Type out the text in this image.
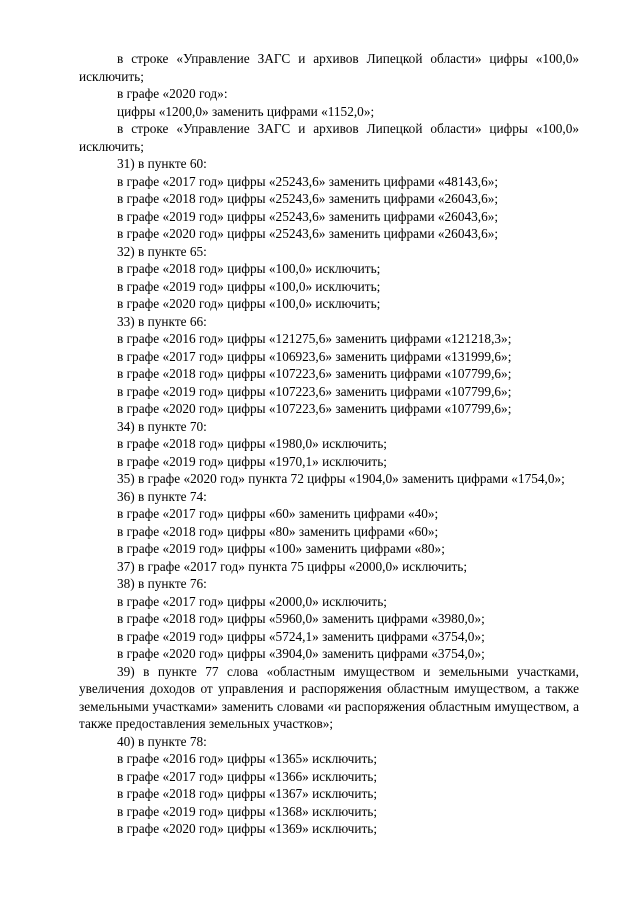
в строке «Управление ЗАГС и архивов Липецкой области» цифры «100,0» исключить;

в графе «2020 год»:

цифры «1200,0» заменить цифрами «1152,0»;

в строке «Управление ЗАГС и архивов Липецкой области» цифры «100,0» исключить;

31) в пункте 60:

в графе «2017 год» цифры «25243,6» заменить цифрами «48143,6»;

в графе «2018 год» цифры «25243,6» заменить цифрами «26043,6»;

в графе «2019 год» цифры «25243,6» заменить цифрами «26043,6»;

в графе «2020 год» цифры «25243,6» заменить цифрами «26043,6»;

32) в пункте 65:

в графе «2018 год» цифры «100,0» исключить;

в графе «2019 год» цифры «100,0» исключить;

в графе «2020 год» цифры «100,0» исключить;

33) в пункте 66:

в графе «2016 год» цифры «121275,6» заменить цифрами «121218,3»;

в графе «2017 год» цифры «106923,6» заменить цифрами «131999,6»;

в графе «2018 год» цифры «107223,6» заменить цифрами «107799,6»;

в графе «2019 год» цифры «107223,6» заменить цифрами «107799,6»;

в графе «2020 год» цифры «107223,6» заменить цифрами «107799,6»;

34) в пункте 70:

в графе «2018 год» цифры «1980,0» исключить;

в графе «2019 год» цифры «1970,1» исключить;

35) в графе «2020 год» пункта 72 цифры «1904,0» заменить цифрами «1754,0»;

36) в пункте 74:

в графе «2017 год» цифры «60» заменить цифрами «40»;

в графе «2018 год» цифры «80» заменить цифрами «60»;

в графе «2019 год» цифры «100» заменить цифрами «80»;

37) в графе «2017 год» пункта 75 цифры «2000,0» исключить;

38) в пункте 76:

в графе «2017 год» цифры «2000,0» исключить;

в графе «2018 год» цифры «5960,0» заменить цифрами «3980,0»;

в графе «2019 год» цифры «5724,1» заменить цифрами «3754,0»;

в графе «2020 год» цифры «3904,0» заменить цифрами «3754,0»;

39) в пункте 77 слова «областным имуществом и земельными участками, увеличения доходов от управления и распоряжения областным имуществом, а также земельными участками» заменить словами «и распоряжения областным имуществом, а также предоставления земельных участков»;

40) в пункте 78:

в графе «2016 год» цифры «1365» исключить;

в графе «2017 год» цифры «1366» исключить;

в графе «2018 год» цифры «1367» исключить;

в графе «2019 год» цифры «1368» исключить;

в графе «2020 год» цифры «1369» исключить;
